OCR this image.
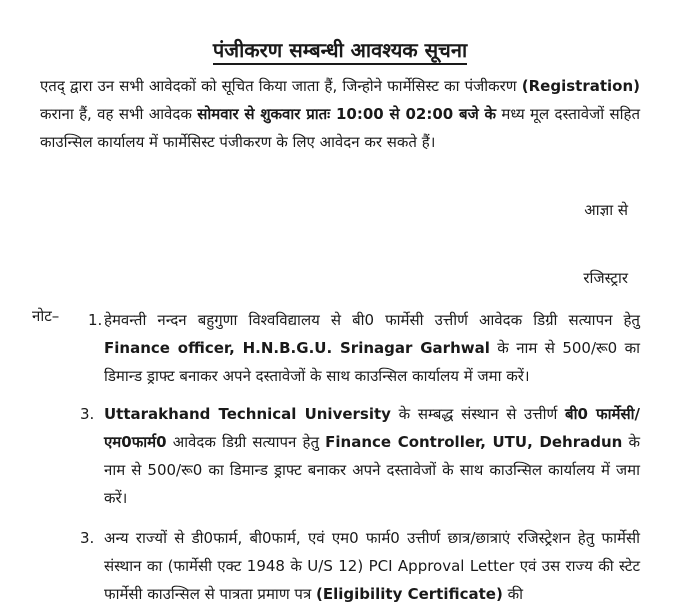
पंजीकरण सम्बन्धी आवश्यक सूचना
एतद् द्वारा उन सभी आवेदकों को सूचित किया जाता हैं, जिन्होने फार्मेसिस्ट का पंजीकरण (Registration) कराना हैं, वह सभी आवेदक सोमवार से शुकवार प्रातः 10:00 से 02:00 बजे के मध्य मूल दस्तावेजों सहित काउन्सिल कार्यालय में फार्मेसिस्ट पंजीकरण के लिए आवेदन कर सकते हैं।
आज्ञा से
रजिस्ट्रार
नोट– 1. हेमवन्ती नन्दन बहुगुणा विश्वविद्यालय से बी0 फार्मेसी उत्तीर्ण आवेदक डिग्री सत्यापन हेतु Finance officer, H.N.B.G.U. Srinagar Garhwal के नाम से 500/रू0 का डिमान्ड ड्राफ्ट बनाकर अपने दस्तावेजों के साथ काउन्सिल कार्यालय में जमा करें।
3. Uttarakhand Technical University के सम्बद्ध संस्थान से उत्तीर्ण बी0 फार्मेसी/एम0फार्म0 आवेदक डिग्री सत्यापन हेतु Finance Controller, UTU, Dehradun के नाम से 500/रू0 का डिमान्ड ड्राफ्ट बनाकर अपने दस्तावेजों के साथ काउन्सिल कार्यालय में जमा करें।
3. अन्य राज्यों से डी0फार्म, बी0फार्म, एवं एम0 फार्म0 उत्तीर्ण छात्र/छात्राएं रजिस्ट्रेशन हेतु फार्मेसी संस्थान का (फार्मेसी एक्ट 1948 के U/S 12) PCI Approval Letter एवं उस राज्य की स्टेट फार्मेसी काउन्सिल से पात्रता प्रमाण पत्र (Eligibility Certificate) की
